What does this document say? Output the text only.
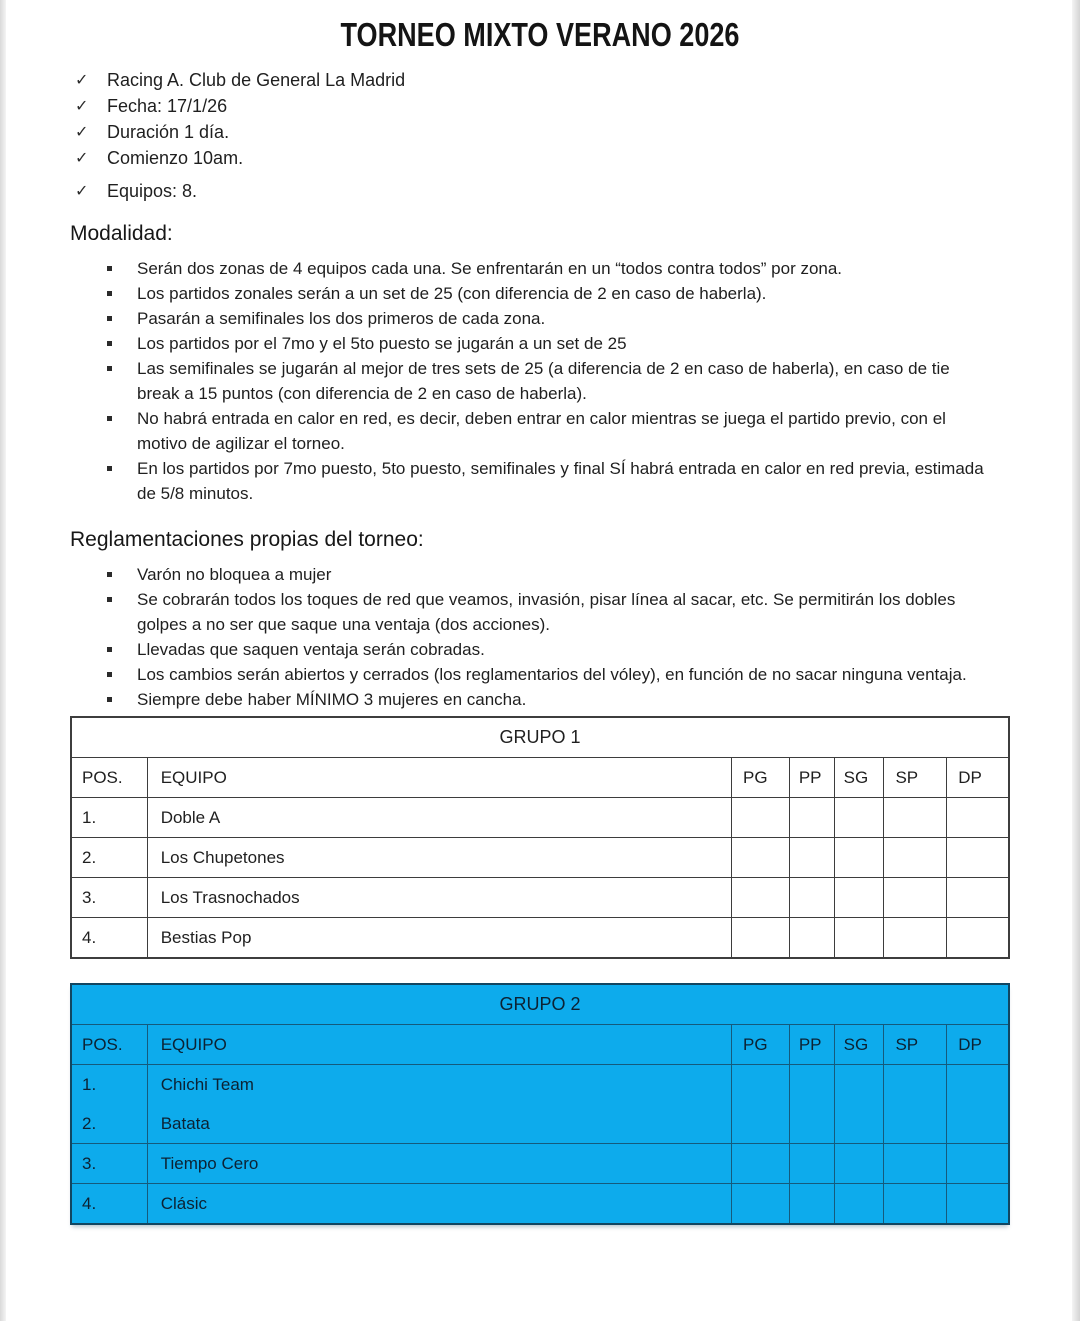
TORNEO MIXTO VERANO 2026
✓ Racing A. Club de General La Madrid
✓ Fecha: 17/1/26
✓ Duración 1 día.
✓ Comienzo 10am.
✓ Equipos: 8.
Modalidad:
Serán dos zonas de 4 equipos cada una. Se enfrentarán en un “todos contra todos” por zona.
Los partidos zonales serán a un set de 25 (con diferencia de 2 en caso de haberla).
Pasarán a semifinales los dos primeros de cada zona.
Los partidos por el 7mo y el 5to puesto se jugarán a un set de 25
Las semifinales se jugarán al mejor de tres sets de 25 (a diferencia de 2 en caso de haberla), en caso de tie break a 15 puntos (con diferencia de 2 en caso de haberla).
No habrá entrada en calor en red, es decir, deben entrar en calor mientras se juega el partido previo, con el motivo de agilizar el torneo.
En los partidos por 7mo puesto, 5to puesto, semifinales y final SÍ habrá entrada en calor en red previa, estimada de 5/8 minutos.
Reglamentaciones propias del torneo:
Varón no bloquea a mujer
Se cobrarán todos los toques de red que veamos, invasión, pisar línea al sacar, etc. Se permitirán los dobles golpes a no ser que saque una ventaja (dos acciones).
Llevadas que saquen ventaja serán cobradas.
Los cambios serán abiertos y cerrados (los reglamentarios del vóley), en función de no sacar ninguna ventaja.
Siempre debe haber MÍNIMO 3 mujeres en cancha.
GRUPO 1
POS.	EQUIPO	PG	PP	SG	SP	DP
1.	Doble A
2.	Los Chupetones
3.	Los Trasnochados
4.	Bestias Pop
GRUPO 2
POS.	EQUIPO	PG	PP	SG	SP	DP
1.	Chichi Team
2.	Batata
3.	Tiempo Cero
4.	Clásic
